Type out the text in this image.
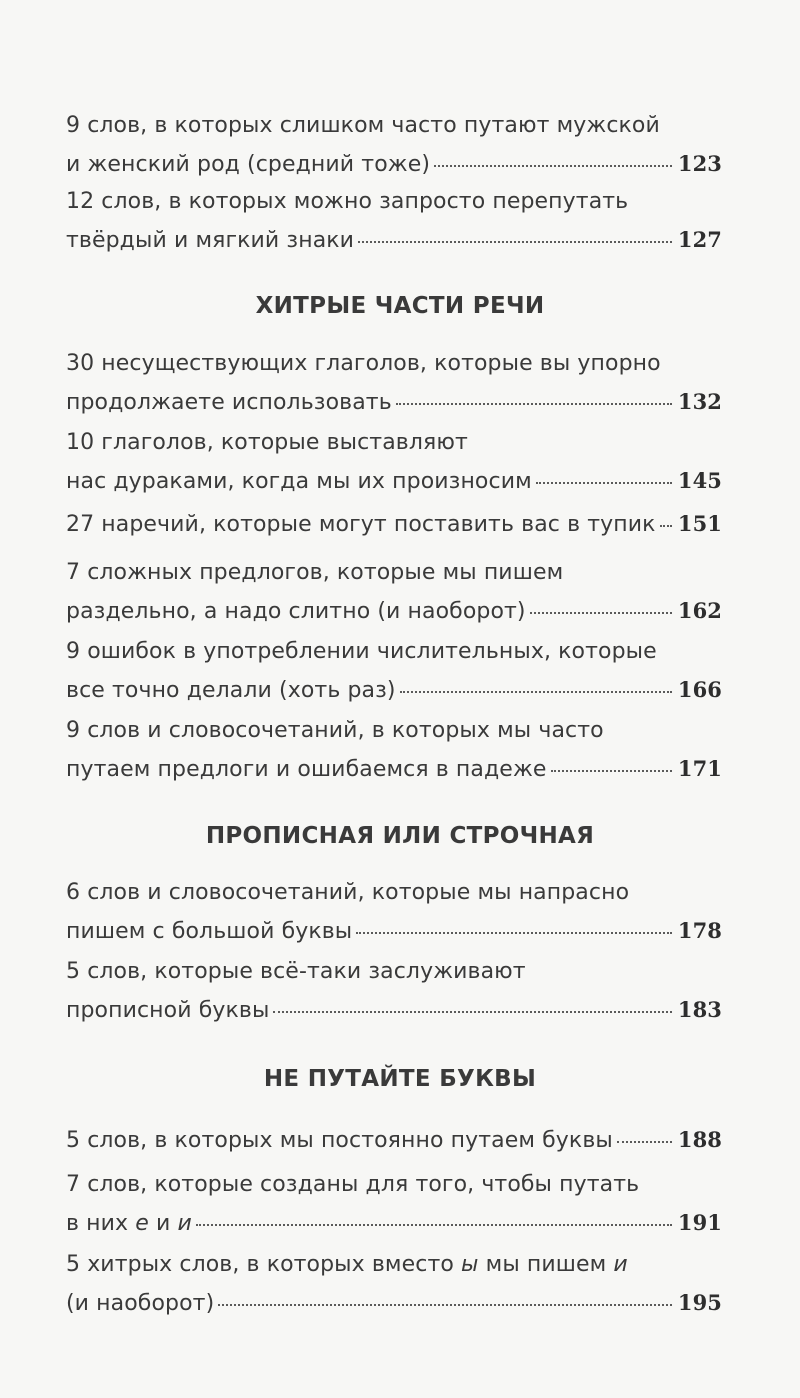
9 слов, в которых слишком часто путают мужской
и женский род (средний тоже)	123
12 слов, в которых можно запросто перепутать
твёрдый и мягкий знаки	127
ХИТРЫЕ ЧАСТИ РЕЧИ
30 несуществующих глаголов, которые вы упорно
продолжаете использовать	132
10 глаголов, которые выставляют
нас дураками, когда мы их произносим	145
27 наречий, которые могут поставить вас в тупик 151
7 сложных предлогов, которые мы пишем
раздельно, а надо слитно (и наоборот)	162
9 ошибок в употреблении числительных, которые
все точно делали (хоть раз)	166
9 слов и словосочетаний, в которых мы часто
путаем предлоги и ошибаемся в падеже	171
ПРОПИСНАЯ ИЛИ СТРОЧНАЯ
6 слов и словосочетаний, которые мы напрасно
пишем с большой буквы	178
5 слов, которые всё-таки заслуживают
прописной буквы	183
НЕ ПУТАЙТЕ БУКВЫ
5 слов, в которых мы постоянно путаем буквы	188
7 слов, которые созданы для того, чтобы путать
в них е и и	191
5 хитрых слов, в которых вместо ы мы пишем и
(и наоборот)	195
